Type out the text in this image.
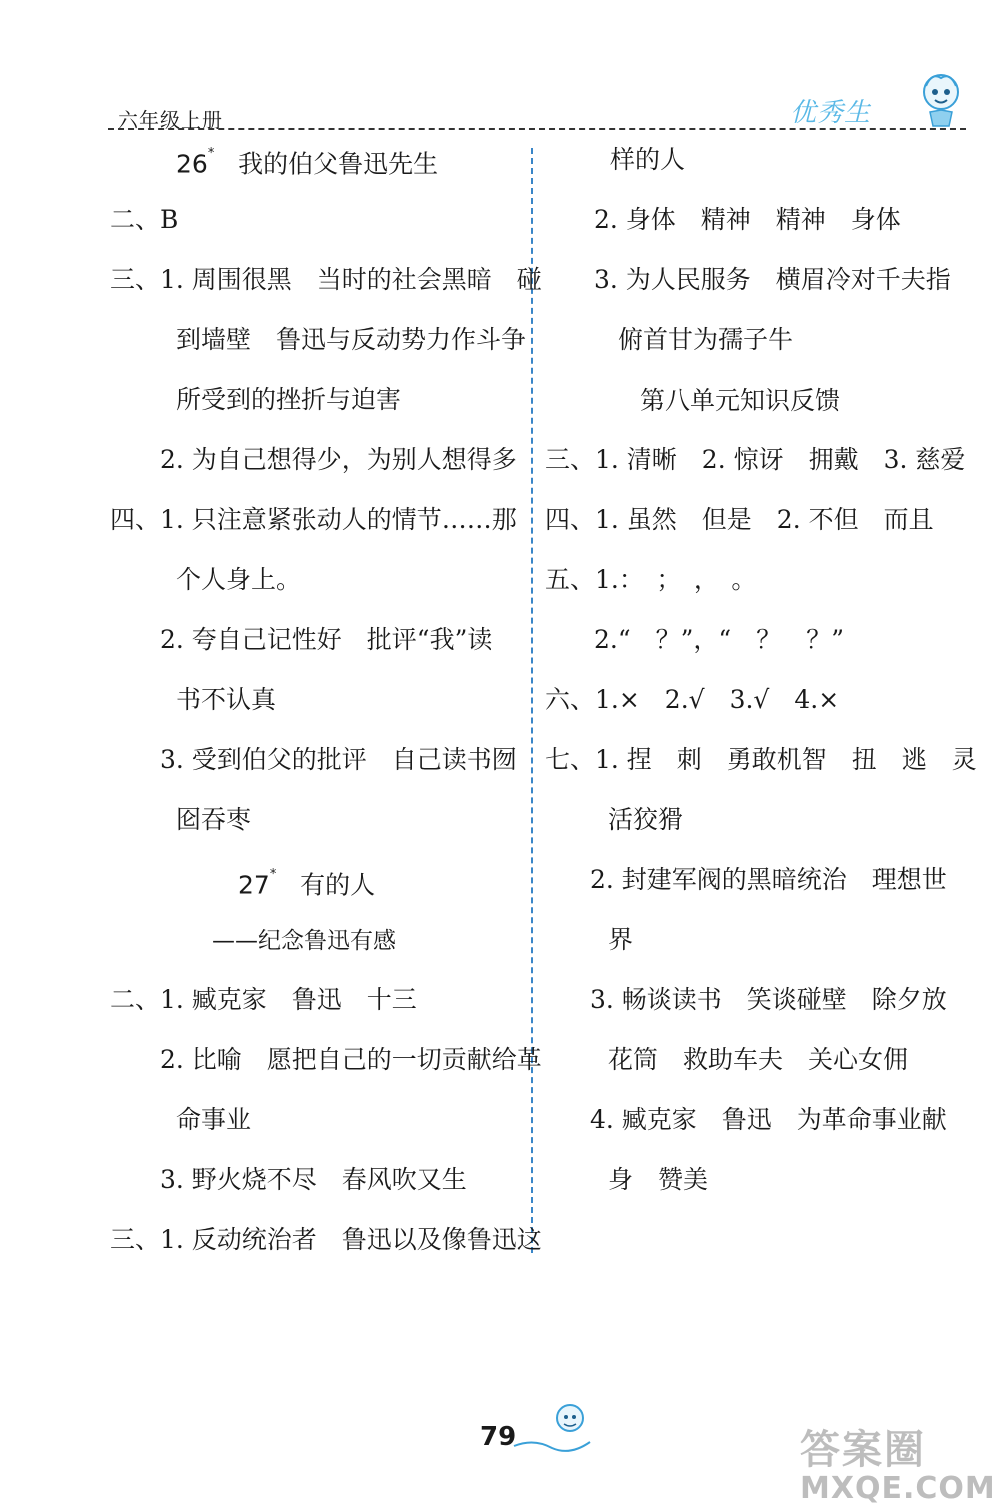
六年级上册	优秀生
26* 我的伯父鲁迅先生
二、B
三、1. 周围很黑　当时的社会黑暗　碰
到墙壁　鲁迅与反动势力作斗争
所受到的挫折与迫害
2. 为自己想得少，为别人想得多
四、1. 只注意紧张动人的情节……那
个人身上。
2. 夸自己记性好　批评“我”读
书不认真
3. 受到伯父的批评　自己读书囫
囵吞枣
27* 有的人
——纪念鲁迅有感
二、1. 臧克家　鲁迅　十三
2. 比喻　愿把自己的一切贡献给革
命事业
3. 野火烧不尽　春风吹又生
三、1. 反动统治者　鲁迅以及像鲁迅这
样的人
2. 身体　精神　精神　身体
3. 为人民服务　横眉冷对千夫指
俯首甘为孺子牛
第八单元知识反馈
三、1. 清晰　2. 惊讶　拥戴　3. 慈爱
四、1. 虽然　但是　2. 不但　而且
五、1.：　；　，　。
2.“　？”，“　？　？”
六、1.×　2.√　3.√　4.×
七、1. 捏　刺　勇敢机智　扭　逃　灵
活狡猾
2. 封建军阀的黑暗统治　理想世
界
3. 畅谈读书　笑谈碰壁　除夕放
花筒　救助车夫　关心女佣
4. 臧克家　鲁迅　为革命事业献
身　赞美
79	答案圈
MXQE.COM
